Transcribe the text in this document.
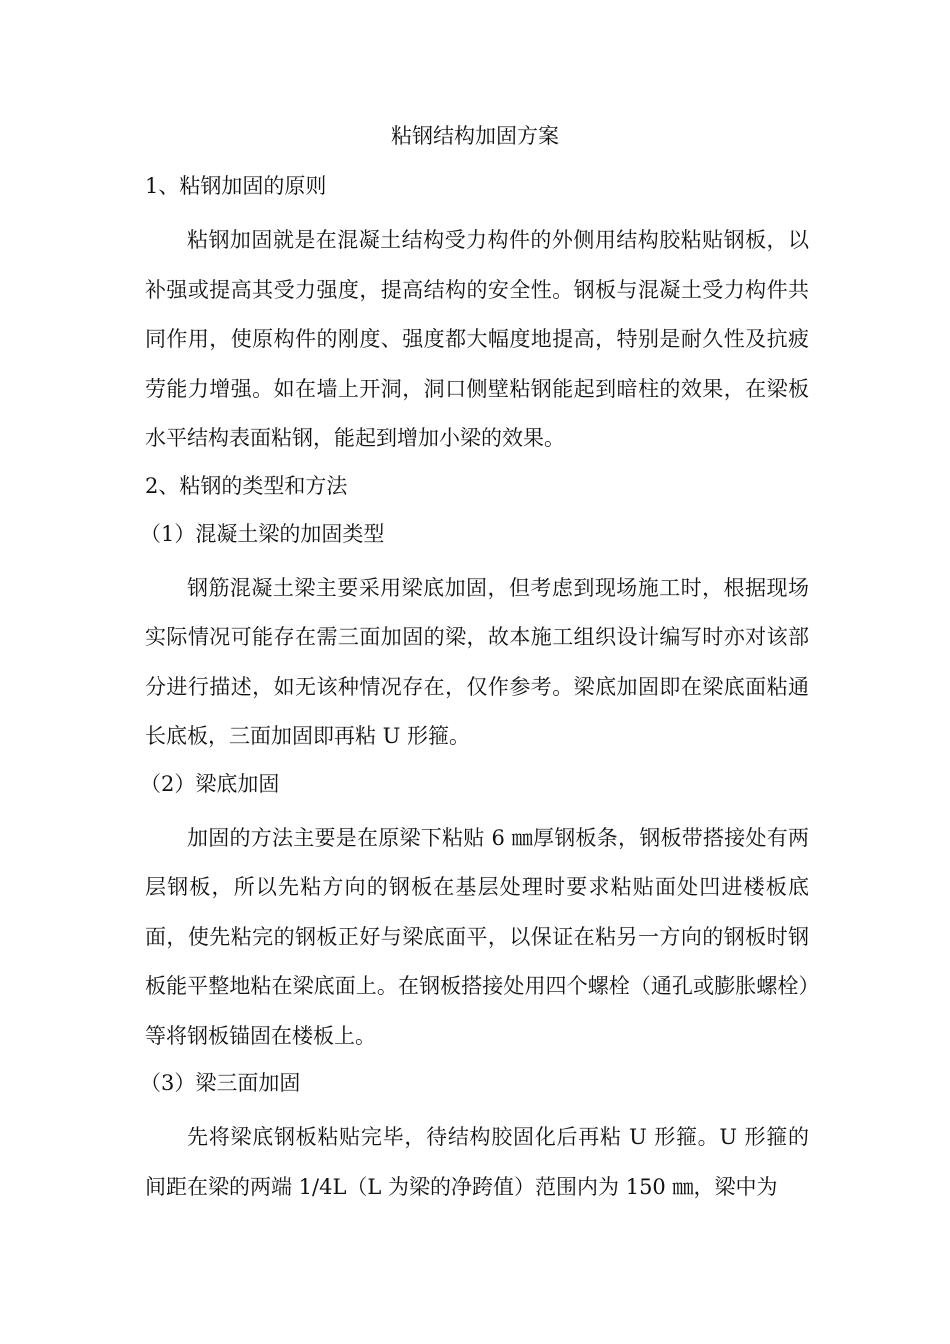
粘钢结构加固方案

1、粘钢加固的原则

粘钢加固就是在混凝土结构受力构件的外侧用结构胶粘贴钢板，以补强或提高其受力强度，提高结构的安全性。钢板与混凝土受力构件共同作用，使原构件的刚度、强度都大幅度地提高，特别是耐久性及抗疲劳能力增强。如在墙上开洞，洞口侧壁粘钢能起到暗柱的效果，在梁板水平结构表面粘钢，能起到增加小梁的效果。

2、粘钢的类型和方法

（1）混凝土梁的加固类型

钢筋混凝土梁主要采用梁底加固，但考虑到现场施工时，根据现场实际情况可能存在需三面加固的梁，故本施工组织设计编写时亦对该部分进行描述，如无该种情况存在，仅作参考。梁底加固即在梁底面粘通长底板，三面加固即再粘 U 形箍。

（2）梁底加固

加固的方法主要是在原梁下粘贴 6 ㎜厚钢板条，钢板带搭接处有两层钢板，所以先粘方向的钢板在基层处理时要求粘贴面处凹进楼板底面，使先粘完的钢板正好与梁底面平，以保证在粘另一方向的钢板时钢板能平整地粘在梁底面上。在钢板搭接处用四个螺栓（通孔或膨胀螺栓）等将钢板锚固在楼板上。

（3）梁三面加固

先将梁底钢板粘贴完毕，待结构胶固化后再粘 U 形箍。U 形箍的间距在梁的两端 1/4L（L 为梁的净跨值）范围内为 150 ㎜，梁中为
